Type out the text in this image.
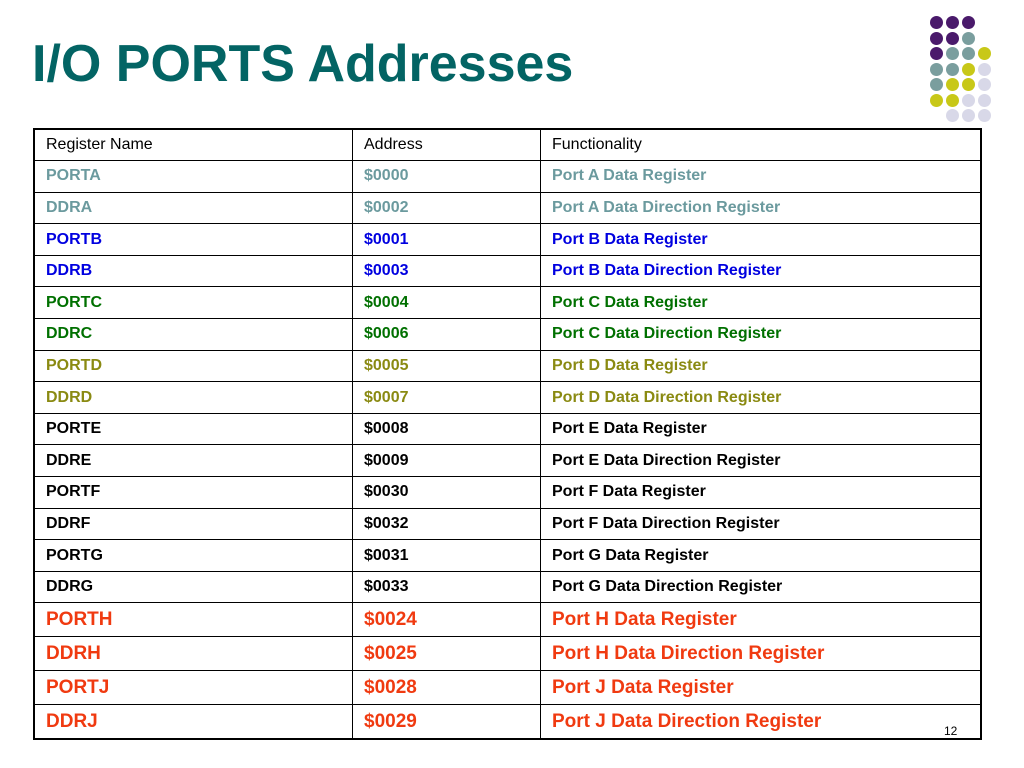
I/O PORTS Addresses
Register Name	Address	Functionality
PORTA	$0000	Port A Data Register
DDRA	$0002	Port A Data Direction Register
PORTB	$0001	Port B Data Register
DDRB	$0003	Port B Data Direction Register
PORTC	$0004	Port C Data Register
DDRC	$0006	Port C Data Direction Register
PORTD	$0005	Port D Data Register
DDRD	$0007	Port D Data Direction Register
PORTE	$0008	Port E Data Register
DDRE	$0009	Port E Data Direction Register
PORTF	$0030	Port F Data Register
DDRF	$0032	Port F Data Direction Register
PORTG	$0031	Port G Data Register
DDRG	$0033	Port G Data Direction Register
PORTH	$0024	Port H Data Register
DDRH	$0025	Port H Data Direction Register
PORTJ	$0028	Port J Data Register
DDRJ	$0029	Port J Data Direction Register	12
